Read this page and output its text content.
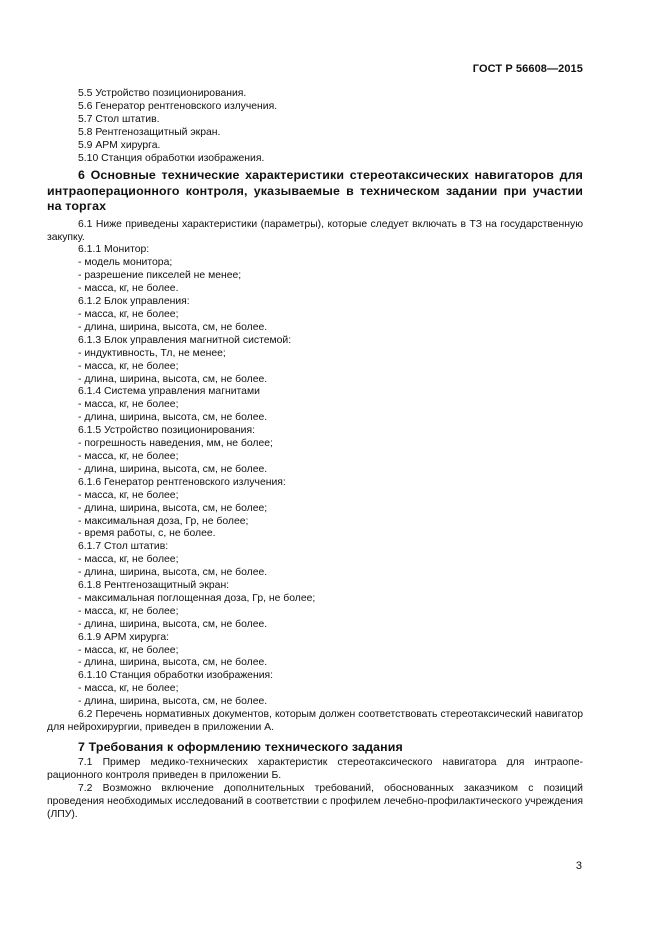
ГОСТ Р 56608—2015
5.5 Устройство позиционирования.
5.6 Генератор рентгеновского излучения.
5.7 Стол штатив.
5.8 Рентгенозащитный экран.
5.9 АРМ хирурга.
5.10 Станция обработки изображения.
6 Основные технические характеристики стереотаксических навигаторов для интраоперационного контроля, указываемые в техническом задании при участии на торгах
6.1 Ниже приведены характеристики (параметры), которые следует включать в ТЗ на государственную закупку.
6.1.1 Монитор:
- модель монитора;
- разрешение пикселей не менее;
- масса, кг, не более.
6.1.2 Блок управления:
- масса, кг, не более;
- длина, ширина, высота, см, не более.
6.1.3 Блок управления магнитной системой:
- индуктивность, Тл, не менее;
- масса, кг, не более;
- длина, ширина, высота, см, не более.
6.1.4 Система управления магнитами
- масса, кг, не более;
- длина, ширина, высота, см, не более.
6.1.5 Устройство позиционирования:
- погрешность наведения, мм, не более;
- масса, кг, не более;
- длина, ширина, высота, см, не более.
6.1.6 Генератор рентгеновского излучения:
- масса, кг, не более;
- длина, ширина, высота, см, не более;
- максимальная доза, Гр, не более;
- время работы, с, не более.
6.1.7 Стол штатив:
- масса, кг, не более;
- длина, ширина, высота, см, не более.
6.1.8 Рентгенозащитный экран:
- максимальная поглощенная доза, Гр, не более;
- масса, кг, не более;
- длина, ширина, высота, см, не более.
6.1.9 АРМ хирурга:
- масса, кг, не более;
- длина, ширина, высота, см, не более.
6.1.10 Станция обработки изображения:
- масса, кг, не более;
- длина, ширина, высота, см, не более.
6.2 Перечень нормативных документов, которым должен соответствовать стереотаксический навигатор для нейрохирургии, приведен в приложении А.
7 Требования к оформлению технического задания
7.1 Пример медико-технических характеристик стереотаксического навигатора для интраопе-рационного контроля приведен в приложении Б.
7.2 Возможно включение дополнительных требований, обоснованных заказчиком с позиций проведения необходимых исследований в соответствии с профилем лечебно-профилактического учреждения (ЛПУ).
3
